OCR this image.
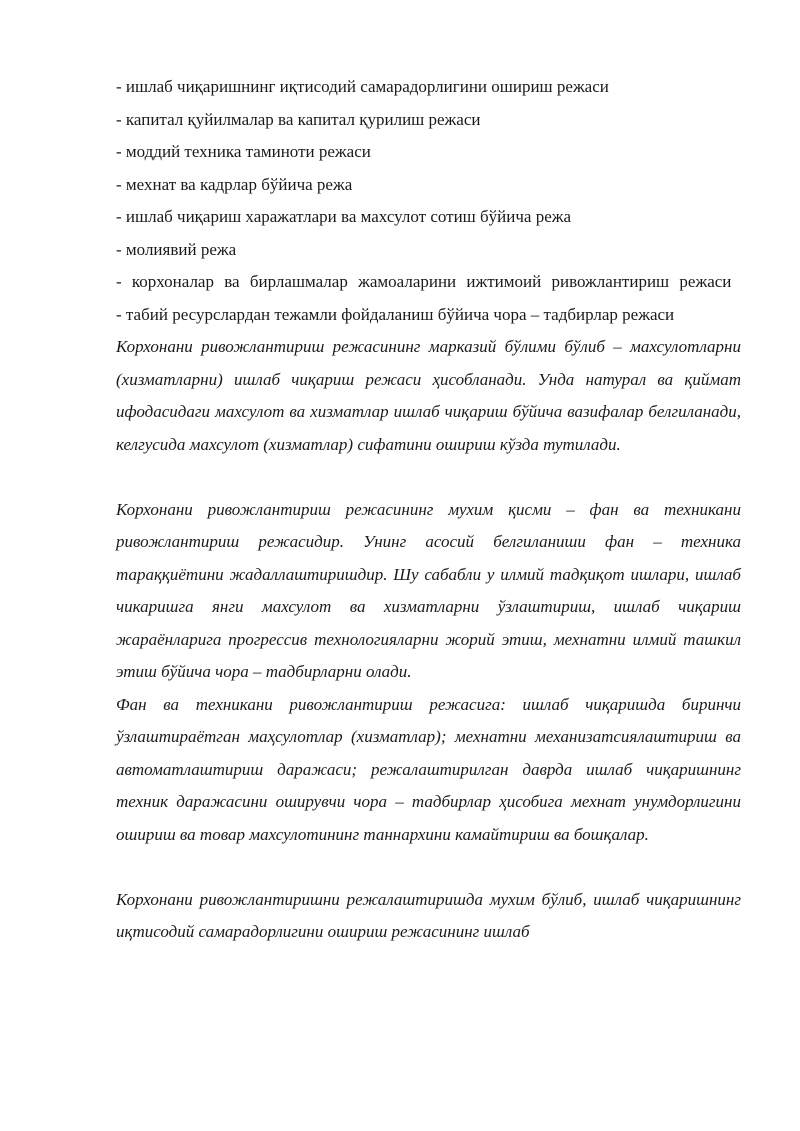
- ишлаб чиқаришнинг иқтисодий самарадорлигини ошириш режаси

- капитал қуйилмалар ва капитал қурилиш режаси

- моддий техника таминоти режаси

- мехнат ва кадрлар бўйича режа

- ишлаб чиқариш харажатлари ва махсулот сотиш бўйича режа

- молиявий режа

- корхоналар ва бирлашмалар жамоаларини ижтимоий ривожлантириш режаси

- табий ресурслардан тежамли фойдаланиш бўйича чора – тадбирлар режаси

Корхонани ривожлантириш режасининг марказий бўлими бўлиб – махсулотларни (хизматларни) ишлаб чиқариш режаси ҳисобланади. Унда натурал ва қиймат ифодасидаги махсулот ва хизматлар ишлаб чиқариш бўйича вазифалар белгиланади, келгусида махсулот (хизматлар) сифатини ошириш кўзда тутилади.

Корхонани ривожлантириш режасининг мухим қисми – фан ва техникани ривожлантириш режасидир. Унинг асосий белгиланиши фан – техника тараққиётини жадаллаштиришдир. Шу сабабли у илмий тадқиқот ишлари, ишлаб чикаришга янги махсулот ва хизматларни ўзлаштириш, ишлаб чиқариш жараёнларига прогрессив технологияларни жорий этиш, мехнатни илмий ташкил этиш бўйича чора – тадбирларни олади.

Фан ва техникани ривожлантириш режасига: ишлаб чиқаришда биринчи ўзлаштираётган маҳсулотлар (хизматлар); мехнатни механизатсиялаштириш ва автоматлаштириш даражаси; режалаштирилган даврда ишлаб чиқаришнинг техник даражасини оширувчи чора – тадбирлар ҳисобига мехнат унумдорлигини ошириш ва товар махсулотининг таннархини камайтириш ва бошқалар.

Корхонани ривожлантиришни режалаштиришда мухим бўлиб, ишлаб чиқаришнинг иқтисодий самарадорлигини ошириш режасининг ишлаб
